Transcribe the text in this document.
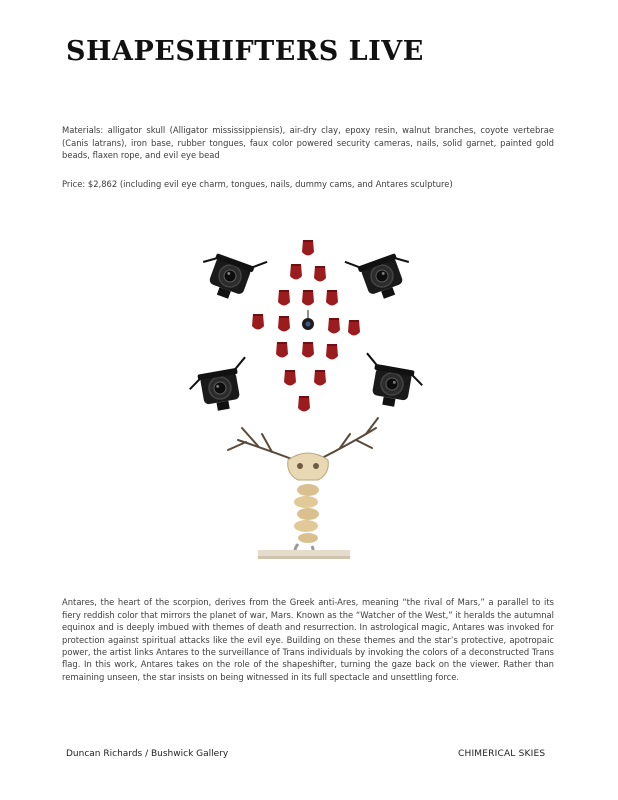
SHAPESHIFTERS LIVE

Materials: alligator skull (Alligator mississippiensis), air-dry clay, epoxy resin, walnut branches, coyote vertebrae (Canis latrans), iron base, rubber tongues, faux color powered security cameras, nails, solid garnet, painted gold beads, flaxen rope, and evil eye bead

Price: $2,862 (including evil eye charm, tongues, nails, dummy cams, and Antares sculpture)

Antares, the heart of the scorpion, derives from the Greek anti-Ares, meaning “the rival of Mars,” a parallel to its fiery reddish color that mirrors the planet of war, Mars. Known as the “Watcher of the West,” it heralds the autumnal equinox and is deeply imbued with themes of death and resurrection. In astrological magic, Antares was invoked for protection against spiritual attacks like the evil eye. Building on these themes and the star’s protective, apotropaic power, the artist links Antares to the surveillance of Trans individuals by invoking the colors of a deconstructed Trans flag. In this work, Antares takes on the role of the shapeshifter, turning the gaze back on the viewer. Rather than remaining unseen, the star insists on being witnessed in its full spectacle and unsettling force.

Duncan Richards / Bushwick Gallery	CHIMERICAL SKIES
